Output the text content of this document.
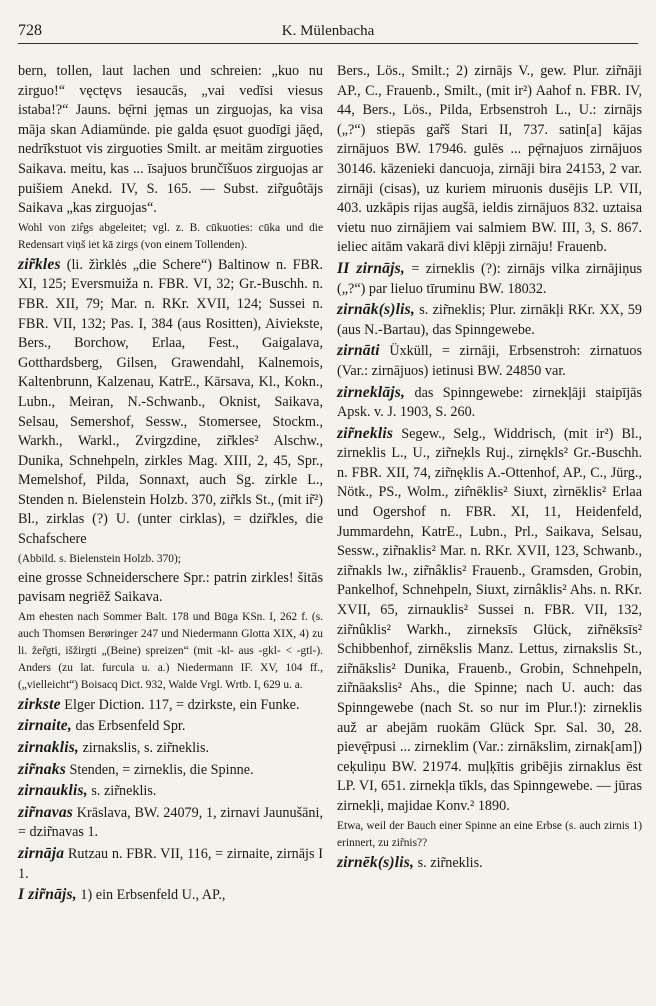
728	K. Mülenbacha
bern, tollen, laut lachen und schreien: „kuo nu zirguo!“ vęctęvs iesaucās, „vai vedīsi viesus istaba!?“ Jauns. bę̄rni jęmas un zirguojas, ka visa māja skan Adiamünde. pie galda ęsuot guodīgi jāęd, nedrīkstuot vis zirguoties Smilt. ar meitām zirguoties Saikava. meitu, kas ... īsajuos brunčīšuos zirguojas ar puišiem Anekd. IV, S. 165. — Subst. zir̃guôtājs Saikava „kas zirguojas“.
Wohl von zir̂gs abgeleitet; vgl. z. B. cūkuoties: cūka und die Redensart viņš iet kā zirgs (von einem Tollenden).
zir̃kles (li. žìrklės „die Schere“) Baltinow n. FBR. XI, 125; Eversmuiža n. FBR. VI, 32; Gr.-Buschh. n. FBR. XII, 79; Mar. n. RKr. XVII, 124; Sussei n. FBR. VII, 132; Pas. I, 384 (aus Rositten), Aiviekste, Bers., Borchow, Erlaa, Fest., Gaigalava, Gotthardsberg, Gilsen, Grawendahl, Kalnemois, Kaltenbrunn, Kalzenau, KatrE., Kārsava, Kl., Kokn., Lubn., Meiran, N.-Schwanb., Oknist, Saikava, Selsau, Semershof, Sessw., Stomersee, Stockm., Warkh., Warkl., Zvirgzdine, zir̃kles² Alschw., Dunika, Schnehpeln, zirkles Mag. XIII, 2, 45, Spr., Memelshof, Pilda, Sonnaxt, auch Sg. zirkle L., Stenden n. Bielenstein Holzb. 370, zir̃kls St., (mit ir̃²) Bl., zirklas (?) U. (unter cirklas), = dzir̃kles, die Schafschere
(Abbild. s. Bielenstein Holzb. 370);
eine grosse Schneiderschere Spr.: patrin zirkles! šitās pavisam negriēž Saikava.
Am ehesten nach Sommer Balt. 178 und Būga KSn. I, 262 f. (s. auch Thomsen Berøringer 247 und Niedermann Glotta XIX, 4) zu li. žer̃gti, išžirgti „(Beine) spreizen“ (mit -kl- aus -gkl- < -gtl-). Anders (zu lat. furcula u. a.) Niedermann IF. XV, 104 ff., („vielleicht“) Boisacq Dict. 932, Walde Vrgl. Wrtb. I, 629 u. a.
zirkste Elger Diction. 117, = dzirkste, ein Funke.
zirnaite, das Erbsenfeld Spr.
zirnaklis, zirnakslis, s. zir̃neklis.
zir̃naks Stenden, = zirneklis, die Spinne.
zirnauklis, s. zir̃neklis.
zir̃navas Krāslava, BW. 24079, 1, zirnavi Jaunušāni, = dzir̃navas 1.
zirnāja Rutzau n. FBR. VII, 116, = zirnaite, zirnājs I 1.
I zir̃nājs, 1) ein Erbsenfeld U., AP.,
Bers., Lös., Smilt.; 2) zirnājs V., gew. Plur. zir̃nāji AP., C., Frauenb., Smilt., (mit ir²) Aahof n. FBR. IV, 44, Bers., Lös., Pilda, Erbsenstroh L., U.: zirnājs („?“) stiepās gar̃š Stari II, 737. satin[a] kājas zirnājuos BW. 17946. gulēs ... pę̄rnajuos zirnājuos 30146. kāzenieki dancuoja, zirnāji bira 24153, 2 var. zirnāji (cisas), uz kuriem miruonis dusējis LP. VII, 403. uzkāpis rijas augšā, ieldis zirnājuos 832. uztaisa vietu nuo zirnājiem vai salmiem BW. III, 3, S. 867. ieliec aitām vakarā divi klēpji zirnāju! Frauenb.
II zirnājs, = zirneklis (?): zirnājs vilka zirnājiņus („?“) par lieluo tīruminu BW. 18032.
zirnāk(s)lis, s. zir̃neklis; Plur. zirnākļi RKr. XX, 59 (aus N.-Bartau), das Spinngewebe.
zirnāti Üxküll, = zirnāji, Erbsenstroh: zirnatuos (Var.: zirnājuos) ietinusi BW. 24850 var.
zirneklājs, das Spinngewebe: zirnekļāji staipījās Apsk. v. J. 1903, S. 260.
zir̃neklis Segew., Selg., Widdrisch, (mit ir²) Bl., zirneklis L., U., zir̃ne̦kls Ruj., zirnękls² Gr.-Buschh. n. FBR. XII, 74, zir̃nęklis A.-Ottenhof, AP., C., Jürg., Nötk., PS., Wolm., zir̂nēklis² Siuxt, zìrnēklis² Erlaa und Ogershof n. FBR. XI, 11, Heidenfeld, Jummardehn, KatrE., Lubn., Prl., Saikava, Selsau, Sessw., zir̃naklis² Mar. n. RKr. XVII, 123, Schwanb., zir̃nakls lw., zir̃nâklis² Frauenb., Gramsden, Grobin, Pankelhof, Schnehpeln, Siuxt, zirnâklis² Ahs. n. RKr. XVII, 65, zirnauklis² Sussei n. FBR. VII, 132, zir̃nûklis² Warkh., zirneksīs Glück, zir̃nēksīs² Schibbenhof, zirnēkslis Manz. Lettus, zirnakslis St., zir̃nākslis² Dunika, Frauenb., Grobin, Schnehpeln, zir̃nāakslis² Ahs., die Spinne; nach U. auch: das Spinngewebe (nach St. so nur im Plur.!): zirneklis auž ar abejām ruokām Glück Spr. Sal. 30, 28. pievę̄rpusi ... zirneklim (Var.: zirnākslim, zirnak[am]) ceķuliņu BW. 21974. muļķītis gribējis zirnaklus ēst LP. VI, 651. zirnekļa tīkls, das Spinngewebe. — jūras zirnekļi, majidae Konv.² 1890.
Etwa, weil der Bauch einer Spinne an eine Erbse (s. auch zirnis 1) erinnert, zu zir̃nis??
zirnēk(s)lis, s. zir̃neklis.
